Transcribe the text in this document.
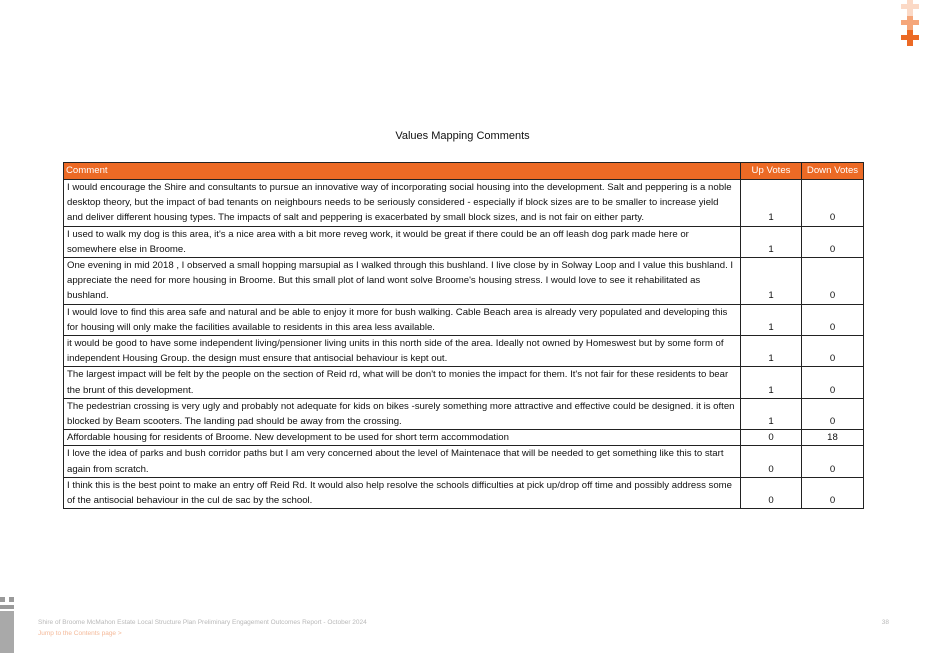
Values Mapping Comments
Comment	Up Votes	Down Votes
I would encourage the Shire and consultants to pursue an innovative way of incorporating social housing into the development. Salt and peppering is a noble desktop theory, but the impact of bad tenants on neighbours needs to be seriously considered - especially if block sizes are to be smaller to increase yield and deliver different housing types. The impacts of salt and peppering is exacerbated by small block sizes, and is not fair on either party.	1	0
I used to walk my dog is this area, it's a nice area with a bit more reveg work, it would be great if there could be an off leash dog park made here or somewhere else in Broome.	1	0
One evening in mid 2018 , I observed a small hopping marsupial as I walked through this bushland. I live close by in Solway Loop and I value this bushland. I appreciate the need for more housing in Broome. But this small plot of land wont solve Broome's housing stress. I would love to see it rehabilitated as bushland.	1	0
I would love to find this area safe and natural and be able to enjoy it more for bush walking. Cable Beach area is already very populated and developing this for housing will only make the facilities available to residents in this area less available.	1	0
it would be good to have some independent living/pensioner living units in this north side of the area. Ideally not owned by Homeswest but by some form of independent Housing Group. the design must ensure that antisocial behaviour is kept out.	1	0
The largest impact will be felt by the people on the section of Reid rd, what will be don't to monies the impact for them. It's not fair for these residents to bear the brunt of this development.	1	0
The pedestrian crossing is very ugly and probably not adequate for kids on bikes -surely something more attractive and effective could be designed. it is often blocked by Beam scooters. The landing pad should be away from the crossing.	1	0
Affordable housing for residents of Broome. New development to be used for short term accommodation	0	18
I love the idea of parks and bush corridor paths but I am very concerned about the level of Maintenace that will be needed to get something like this to start again from scratch.	0	0
I think this is the best point to make an entry off Reid Rd. It would also help resolve the schools difficulties at pick up/drop off time and possibly address some of the antisocial behaviour in the cul de sac by the school.	0	0
Shire of Broome McMahon Estate Local Structure Plan Preliminary Engagement Outcomes Report - October 2024
Jump to the Contents page >
38
